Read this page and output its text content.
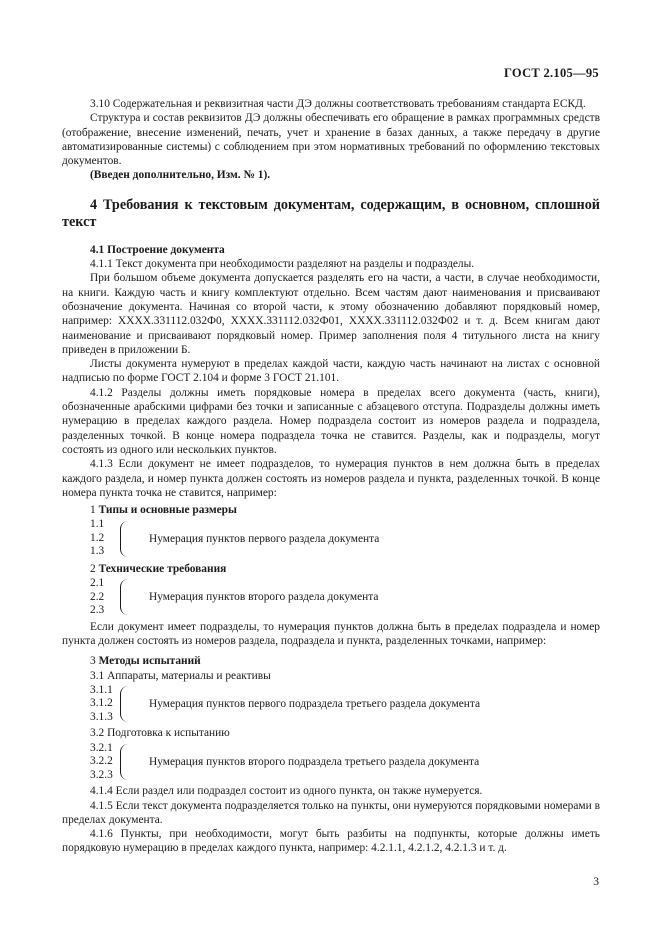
ГОСТ 2.105—95

3.10 Содержательная и реквизитная части ДЭ должны соответствовать требованиям стандарта ЕСКД.

Структура и состав реквизитов ДЭ должны обеспечивать его обращение в рамках программных средств (отображение, внесение изменений, печать, учет и хранение в базах данных, а также передачу в другие автоматизированные системы) с соблюдением при этом нормативных требований по оформлению текстовых документов.

(Введен дополнительно, Изм. № 1).

4 Требования к текстовым документам, содержащим, в основном, сплошной текст

4.1 Построение документа

4.1.1 Текст документа при необходимости разделяют на разделы и подразделы.

При большом объеме документа допускается разделять его на части, а части, в случае необходимости, на книги. Каждую часть и книгу комплектуют отдельно. Всем частям дают наименования и присваивают обозначение документа. Начиная со второй части, к этому обозначению добавляют порядковый номер, например: ХХХХ.331112.032Ф0, ХХХХ.331112.032Ф01, ХХХХ.331112.032Ф02 и т. д. Всем книгам дают наименование и присваивают порядковый номер. Пример заполнения поля 4 титульного листа на книгу приведен в приложении Б.

Листы документа нумеруют в пределах каждой части, каждую часть начинают на листах с основной надписью по форме ГОСТ 2.104 и форме 3 ГОСТ 21.101.

4.1.2 Разделы должны иметь порядковые номера в пределах всего документа (часть, книги), обозначенные арабскими цифрами без точки и записанные с абзацевого отступа. Подразделы должны иметь нумерацию в пределах каждого раздела. Номер подраздела состоит из номеров раздела и подраздела, разделенных точкой. В конце номера подраздела точка не ставится. Разделы, как и подразделы, могут состоять из одного или нескольких пунктов.

4.1.3 Если документ не имеет подразделов, то нумерация пунктов в нем должна быть в пределах каждого раздела, и номер пункта должен состоять из номеров раздела и пункта, разделенных точкой. В конце номера пункта точка не ставится, например:

1 Типы и основные размеры
1.1
1.2
1.3
Нумерация пунктов первого раздела документа
2 Технические требования
2.1
2.2
2.3
Нумерация пунктов второго раздела документа

Если документ имеет подразделы, то нумерация пунктов должна быть в пределах подраздела и номер пункта должен состоять из номеров раздела, подраздела и пункта, разделенных точками, например:

3 Методы испытаний
3.1 Аппараты, материалы и реактивы
3.1.1
3.1.2
3.1.3
Нумерация пунктов первого подраздела третьего раздела документа
3.2 Подготовка к испытанию
3.2.1
3.2.2
3.2.3
Нумерация пунктов второго подраздела третьего раздела документа

4.1.4 Если раздел или подраздел состоит из одного пункта, он также нумеруется.

4.1.5 Если текст документа подразделяется только на пункты, они нумеруются порядковыми номерами в пределах документа.

4.1.6 Пункты, при необходимости, могут быть разбиты на подпункты, которые должны иметь порядковую нумерацию в пределах каждого пункта, например: 4.2.1.1, 4.2.1.2, 4.2.1.3 и т. д.

3
